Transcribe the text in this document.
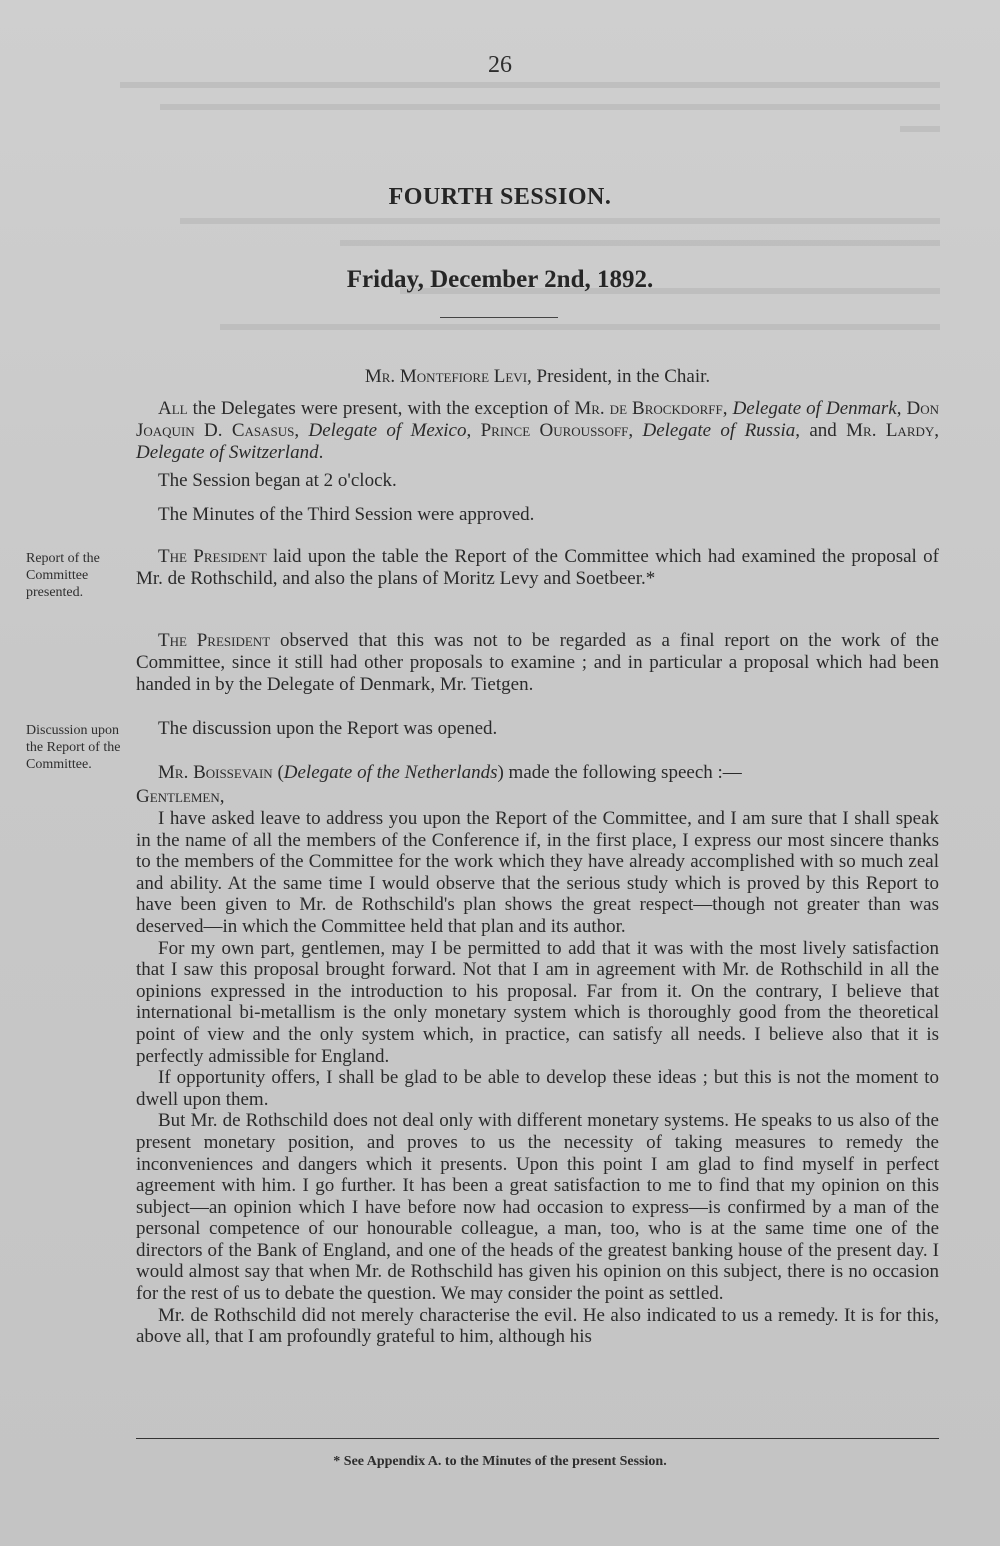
26
FOURTH SESSION.
Friday, December 2nd, 1892.
Mr. Montefiore Levi, President, in the Chair.
All the Delegates were present, with the exception of Mr. de Brockdorff, Delegate of Denmark, Don Joaquin D. Casasus, Delegate of Mexico, Prince Ouroussoff, Delegate of Russia, and Mr. Lardy, Delegate of Switzerland.
The Session began at 2 o'clock.
The Minutes of the Third Session were approved.
Report of the Committee presented.
The President laid upon the table the Report of the Committee which had examined the proposal of Mr. de Rothschild, and also the plans of Moritz Levy and Soetbeer.*
The President observed that this was not to be regarded as a final report on the work of the Committee, since it still had other proposals to examine ; and in particular a proposal which had been handed in by the Delegate of Denmark, Mr. Tietgen.
Discussion upon the Report of the Committee.
The discussion upon the Report was opened.
Mr. Boissevain (Delegate of the Netherlands) made the following speech :—
Gentlemen,

I have asked leave to address you upon the Report of the Committee, and I am sure that I shall speak in the name of all the members of the Conference if, in the first place, I express our most sincere thanks to the members of the Committee for the work which they have already accomplished with so much zeal and ability. At the same time I would observe that the serious study which is proved by this Report to have been given to Mr. de Rothschild's plan shows the great respect—though not greater than was deserved—in which the Committee held that plan and its author.

For my own part, gentlemen, may I be permitted to add that it was with the most lively satisfaction that I saw this proposal brought forward. Not that I am in agreement with Mr. de Rothschild in all the opinions expressed in the introduction to his proposal. Far from it. On the contrary, I believe that international bi-metallism is the only monetary system which is thoroughly good from the theoretical point of view and the only system which, in practice, can satisfy all needs. I believe also that it is perfectly admissible for England.

If opportunity offers, I shall be glad to be able to develop these ideas ; but this is not the moment to dwell upon them.

But Mr. de Rothschild does not deal only with different monetary systems. He speaks to us also of the present monetary position, and proves to us the necessity of taking measures to remedy the inconveniences and dangers which it presents. Upon this point I am glad to find myself in perfect agreement with him. I go further. It has been a great satisfaction to me to find that my opinion on this subject—an opinion which I have before now had occasion to express—is confirmed by a man of the personal competence of our honourable colleague, a man, too, who is at the same time one of the directors of the Bank of England, and one of the heads of the greatest banking house of the present day. I would almost say that when Mr. de Rothschild has given his opinion on this subject, there is no occasion for the rest of us to debate the question. We may consider the point as settled.

Mr. de Rothschild did not merely characterise the evil. He also indicated to us a remedy. It is for this, above all, that I am profoundly grateful to him, although his

* See Appendix A. to the Minutes of the present Session.
